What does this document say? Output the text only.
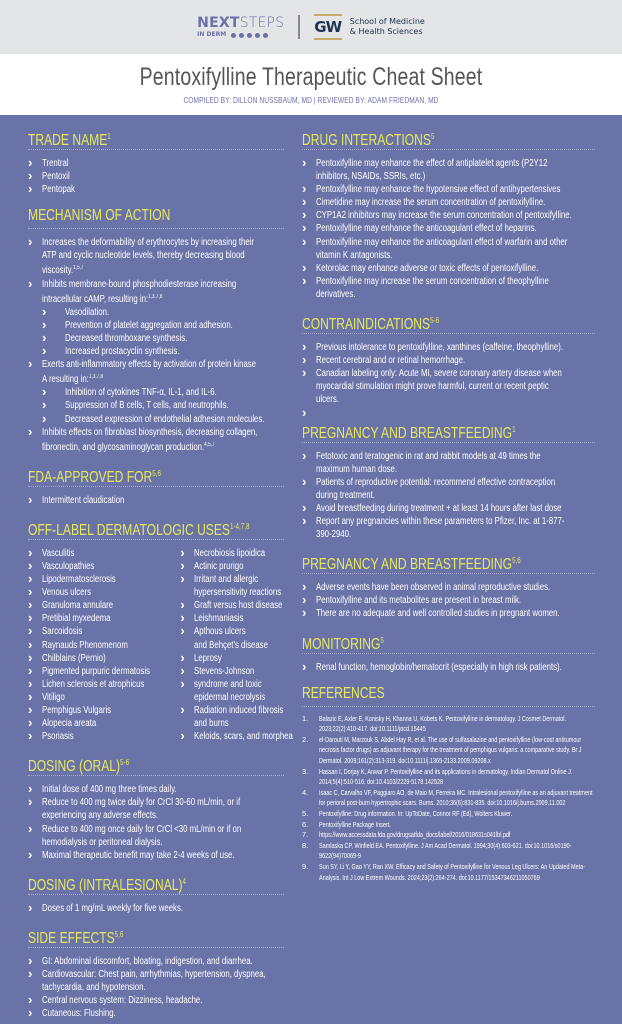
NEXTSTEPS
IN DERM	GW School of Medicine
& Health Sciences
Pentoxifylline Therapeutic Cheat Sheet
COMPILED BY: DILLON NUSSBAUM, MD | REVIEWED BY: ADAM FRIEDMAN, MD
TRADE NAME$^1$
› Trentral
› Pentoxil
› Pentopak
MECHANISM OF ACTION
› Increases the deformability of erythrocytes by increasing their
ATP and cyclic nucleotide levels, thereby decreasing blood
viscosity.$^{1,5,7}$
› Inhibits membrane-bound phosphodiesterase increasing
intracellular cAMP, resulting in:$^{1,3,7,8}$
› Vasodilation.
› Prevention of platelet aggregation and adhesion.
› Decreased thromboxane synthesis.
› Increased prostacyclin synthesis.
› Exerts anti-inflammatory effects by activation of protein kinase
A resulting in:$^{1,3,7,8}$
› Inhibition of cytokines TNF-α, IL-1, and IL-6.
› Suppression of B cells, T cells, and neutrophils.
› Decreased expression of endothelial adhesion molecules.
› Inhibits effects on fibroblast biosynthesis, decreasing collagen,
fibronectin, and glycosaminoglycan production.$^{4,5,7}$
FDA-APPROVED FOR$^{5,6}$
› Intermittent claudication
OFF-LABEL DERMATOLOGIC USES$^{1-4,7,8}$
› Vasculitis
› Vasculopathies
› Lipodermatosclerosis
› Venous ulcers
› Granuloma annulare
› Pretibial myxedema
› Sarcoidosis
› Raynauds Phenomenom
› Chilblains (Pernio)
› Pigmented purpuric dermatosis
› Lichen sclerosis et atrophicus
› Vitiligo
› Pemphigus Vulgaris
› Alopecia areata
› Psoriasis
› Necrobiosis lipoidica
› Actinic prurigo
› Irritant and allergic
hypersensitivity reactions
› Graft versus host disease
› Leishmaniasis
› Apthous ulcers
and Behçet's disease
› Leprosy
› Stevens-Johnson
› syndrome and toxic
epidermal necrolysis
› Radiation induced fibrosis
and burns
› Keloids, scars, and morphea
DOSING (ORAL)$^{5-6}$
› Initial dose of 400 mg three times daily.
› Reduce to 400 mg twice daily for CrCl 30-60 mL/min, or if
experiencing any adverse effects.
› Reduce to 400 mg once daily for CrCl <30 mL/min or if on
hemodialysis or peritoneal dialysis.
› Maximal therapeutic benefit may take 2-4 weeks of use.
DOSING (INTRALESIONAL)$^4$
› Doses of 1 mg/mL weekly for five weeks.
SIDE EFFECTS$^{5,6}$
› GI: Abdominal discomfort, bloating, indigestion, and diarrhea.
› Cardiovascular: Chest pain, arrhythmias, hypertension, dyspnea,
tachycardia, and hypotension.
› Central nervous system: Dizziness, headache.
› Cutaneous: Flushing.
DRUG INTERACTIONS$^5$
› Pentoxifylline may enhance the effect of antiplatelet agents (P2Y12
inhibitors, NSAIDs, SSRIs, etc.)
› Pentoxifylline may enhance the hypotensive effect of antihypertensives
› Cimetidine may increase the serum concentration of pentoxifylline.
› CYP1A2 inhibitors may increase the serum concentration of pentoxifylline.
› Pentoxifylline may enhance the anticoagulant effect of heparins.
› Pentoxifylline may enhance the anticoagulant effect of warfarin and other
vitamin K antagonists.
› Ketorolac may enhance adverse or toxic effects of pentoxifylline.
› Pentoxifylline may increase the serum concentration of theophylline
derivatives.
CONTRAINDICATIONS$^{5-6}$
› Previous intolerance to pentoxifylline, xanthines (caffeine, theophylline).
› Recent cerebral and or retinal hemorrhage.
› Canadian labeling only: Acute MI, severe coronary artery disease when
myocardial stimulation might prove harmful, current or recent peptic
ulcers.
›
PREGNANCY AND BREASTFEEDING$^1$
› Fetotoxic and teratogenic in rat and rabbit models at 49 times the
maximum human dose.
› Patients of reproductive potential: recommend effective contraception
during treatment.
› Avoid breastfeeding during treatment + at least 14 hours after last dose
› Report any pregnancies within these parameters to Pfizer, Inc. at 1-877-
390-2940.
PREGNANCY AND BREASTFEEDING$^{5,6}$
› Adverse events have been observed in animal reproductive studies.
› Pentoxifylline and its metabolites are present in breast milk.
› There are no adequate and well controlled studies in pregnant women.
MONITORING$^5$
› Renal function, hemoglobin/hematocrit (especially in high risk patients).
REFERENCES
1. Balazic E, Axler E, Konisky H, Khanna U, Kobets K. Pentoxifylline in dermatology. J Cosmet Dermatol.
2023;22(2):410-417. doi:10.1111/jocd.15445
2. el-Darouti M, Marzouk S, Abdel Hay R, et al. The use of sulfasalazine and pentoxifylline (low-cost antitumour
necrosis factor drugs) as adjuvant therapy for the treatment of pemphigus vulgaris: a comparative study. Br J
Dermatol. 2009;161(2):313-319. doi:10.1111/j.1365-2133.2009.09208.x
3. Hassan I, Dorjay K, Anwar P. Pentoxifylline and its applications in dermatology. Indian Dermatol Online J.
2014;5(4):510-516. doi:10.4103/2229-5178.142528
4. Isaac C, Carvalho VF, Paggiaro AO, de Maio M, Ferreira MC. Intralesional pentoxifylline as an adjuvant treatment
for perioral post-burn hypertrophic scars. Burns. 2010;36(6):831-835. doi:10.1016/j.burns.2009.11.002
5. Pentoxifylline: Drug information. In: UpToDate, Connor RF (Ed), Wolters Kluwer.
6. Pentoxifylline Package Insert.
7. https://www.accessdata.fda.gov/drugsatfda_docs/label/2016/018631s041lbl.pdf
8. Samlaska CP, Winfield EA. Pentoxifylline. J Am Acad Dermatol. 1994;30(4):603-621. doi:10.1016/s0190-
9622(94)70069-9
9. Sun SY, Li Y, Gao YY, Ran XW. Efficacy and Safety of Pentoxifylline for Venous Leg Ulcers: An Updated Meta-
Analysis. Int J Low Extrem Wounds. 2024;23(2):264-274. doi:10.1177/15347346211050769
